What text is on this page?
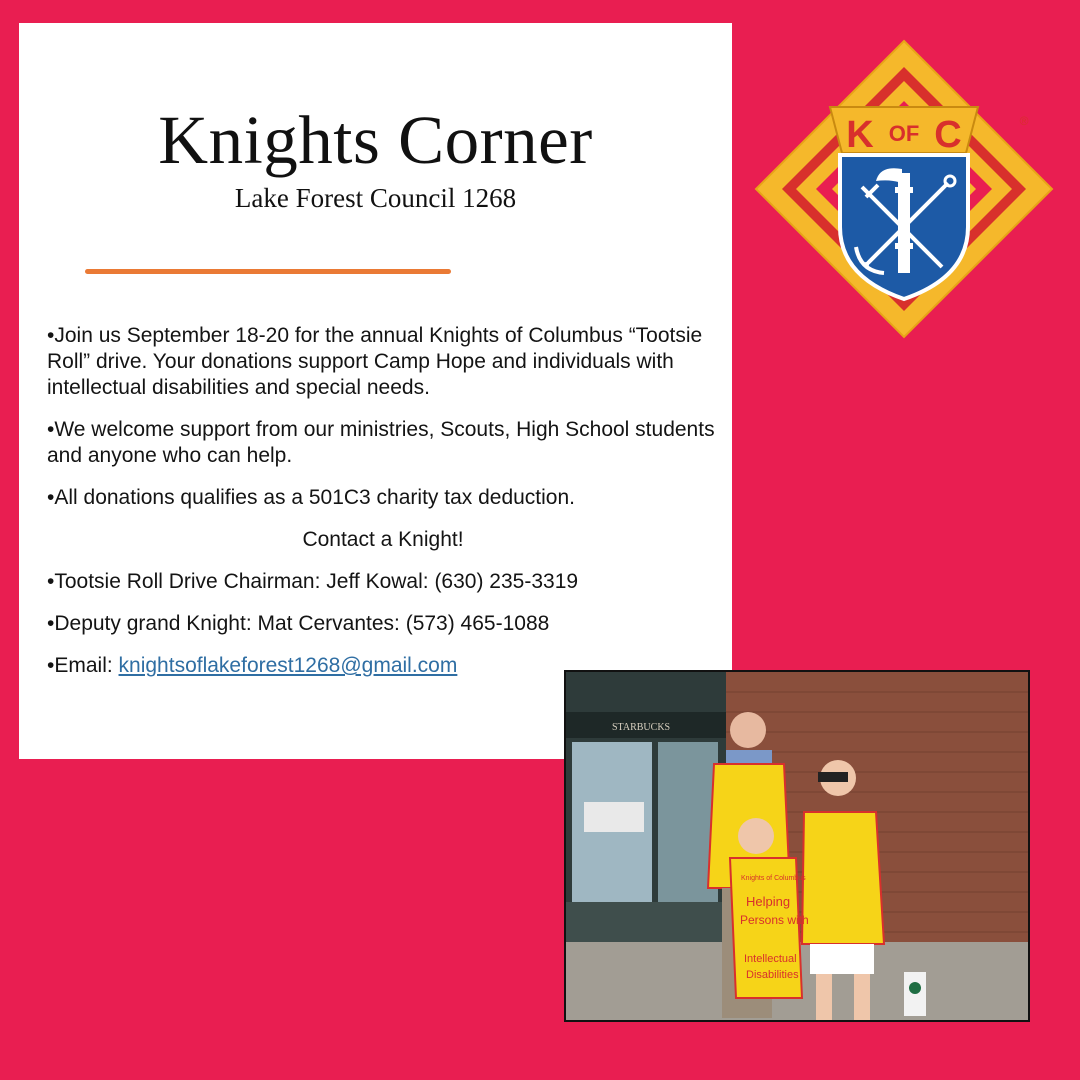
Knights Corner
Lake Forest Council 1268

•Join us September 18-20 for the annual Knights of Columbus “Tootsie Roll” drive. Your donations support Camp Hope and individuals with intellectual disabilities and special needs.

•We welcome support from our ministries, Scouts, High School students and anyone who can help.

•All donations qualifies as a 501C3 charity tax deduction.

Contact a Knight!

•Tootsie Roll Drive Chairman: Jeff Kowal: (630) 235-3319

•Deputy grand Knight: Mat Cervantes: (573) 465-1088

•Email: knightsoflakeforest1268@gmail.com

K OF C	®
STARBUCKS
Knights of Columbus
Helping
Persons with
Intellectual
Disabilities
